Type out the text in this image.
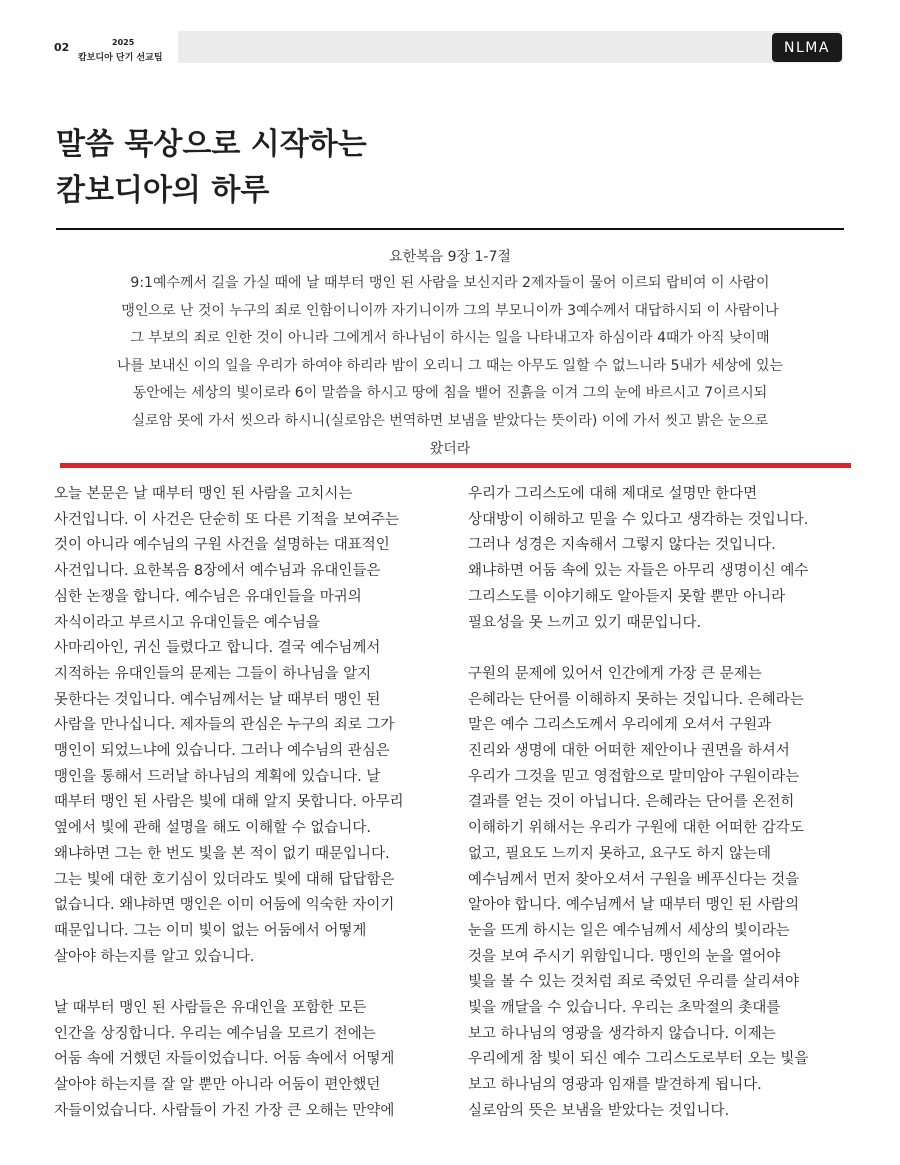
02	2025
캄보디아 단기 선교팀
NLMA
말씀 묵상으로 시작하는
캄보디아의 하루
요한복음 9장 1-7절
9:1예수께서 길을 가실 때에 날 때부터 맹인 된 사람을 보신지라 2제자들이 물어 이르되 랍비여 이 사람이
맹인으로 난 것이 누구의 죄로 인함이니이까 자기니이까 그의 부모니이까 3예수께서 대답하시되 이 사람이나
그 부보의 죄로 인한 것이 아니라 그에게서 하나님이 하시는 일을 나타내고자 하심이라 4때가 아직 낮이매
나를 보내신 이의 일을 우리가 하여야 하리라 밤이 오리니 그 때는 아무도 일할 수 없느니라 5내가 세상에 있는
동안에는 세상의 빛이로라 6이 말씀을 하시고 땅에 침을 뱉어 진흙을 이겨 그의 눈에 바르시고 7이르시되
실로암 못에 가서 씻으라 하시니(실로암은 번역하면 보냄을 받았다는 뜻이라) 이에 가서 씻고 밝은 눈으로
왔더라

오늘 본문은 날 때부터 맹인 된 사람을 고치시는
사건입니다. 이 사건은 단순히 또 다른 기적을 보여주는
것이 아니라 예수님의 구원 사건을 설명하는 대표적인
사건입니다. 요한복음 8장에서 예수님과 유대인들은
심한 논쟁을 합니다. 예수님은 유대인들을 마귀의
자식이라고 부르시고 유대인들은 예수님을
사마리아인, 귀신 들렸다고 합니다. 결국 예수님께서
지적하는 유대인들의 문제는 그들이 하나님을 알지
못한다는 것입니다. 예수님께서는 날 때부터 맹인 된
사람을 만나십니다. 제자들의 관심은 누구의 죄로 그가
맹인이 되었느냐에 있습니다. 그러나 예수님의 관심은
맹인을 통해서 드러날 하나님의 계획에 있습니다. 날
때부터 맹인 된 사람은 빛에 대해 알지 못합니다. 아무리
옆에서 빛에 관해 설명을 해도 이해할 수 없습니다.
왜냐하면 그는 한 번도 빛을 본 적이 없기 때문입니다.
그는 빛에 대한 호기심이 있더라도 빛에 대해 답답함은
없습니다. 왜냐하면 맹인은 이미 어둠에 익숙한 자이기
때문입니다. 그는 이미 빛이 없는 어둠에서 어떻게
살아야 하는지를 알고 있습니다.

날 때부터 맹인 된 사람들은 유대인을 포함한 모든
인간을 상징합니다. 우리는 예수님을 모르기 전에는
어둠 속에 거했던 자들이었습니다. 어둠 속에서 어떻게
살아야 하는지를 잘 알 뿐만 아니라 어둠이 편안했던
자들이었습니다. 사람들이 가진 가장 큰 오해는 만약에

우리가 그리스도에 대해 제대로 설명만 한다면
상대방이 이해하고 믿을 수 있다고 생각하는 것입니다.
그러나 성경은 지속해서 그렇지 않다는 것입니다.
왜냐하면 어둠 속에 있는 자들은 아무리 생명이신 예수
그리스도를 이야기해도 알아듣지 못할 뿐만 아니라
필요성을 못 느끼고 있기 때문입니다.

구원의 문제에 있어서 인간에게 가장 큰 문제는
은혜라는 단어를 이해하지 못하는 것입니다. 은혜라는
말은 예수 그리스도께서 우리에게 오셔서 구원과
진리와 생명에 대한 어떠한 제안이나 권면을 하셔서
우리가 그것을 믿고 영접함으로 말미암아 구원이라는
결과를 얻는 것이 아닙니다. 은혜라는 단어를 온전히
이해하기 위해서는 우리가 구원에 대한 어떠한 감각도
없고, 필요도 느끼지 못하고, 요구도 하지 않는데
예수님께서 먼저 찾아오셔서 구원을 베푸신다는 것을
알아야 합니다. 예수님께서 날 때부터 맹인 된 사람의
눈을 뜨게 하시는 일은 예수님께서 세상의 빛이라는
것을 보여 주시기 위함입니다. 맹인의 눈을 열어야
빛을 볼 수 있는 것처럼 죄로 죽었던 우리를 살리셔야
빛을 깨달을 수 있습니다. 우리는 초막절의 촛대를
보고 하나님의 영광을 생각하지 않습니다. 이제는
우리에게 참 빛이 되신 예수 그리스도로부터 오는 빛을
보고 하나님의 영광과 임재를 발견하게 됩니다.
실로암의 뜻은 보냄을 받았다는 것입니다.
